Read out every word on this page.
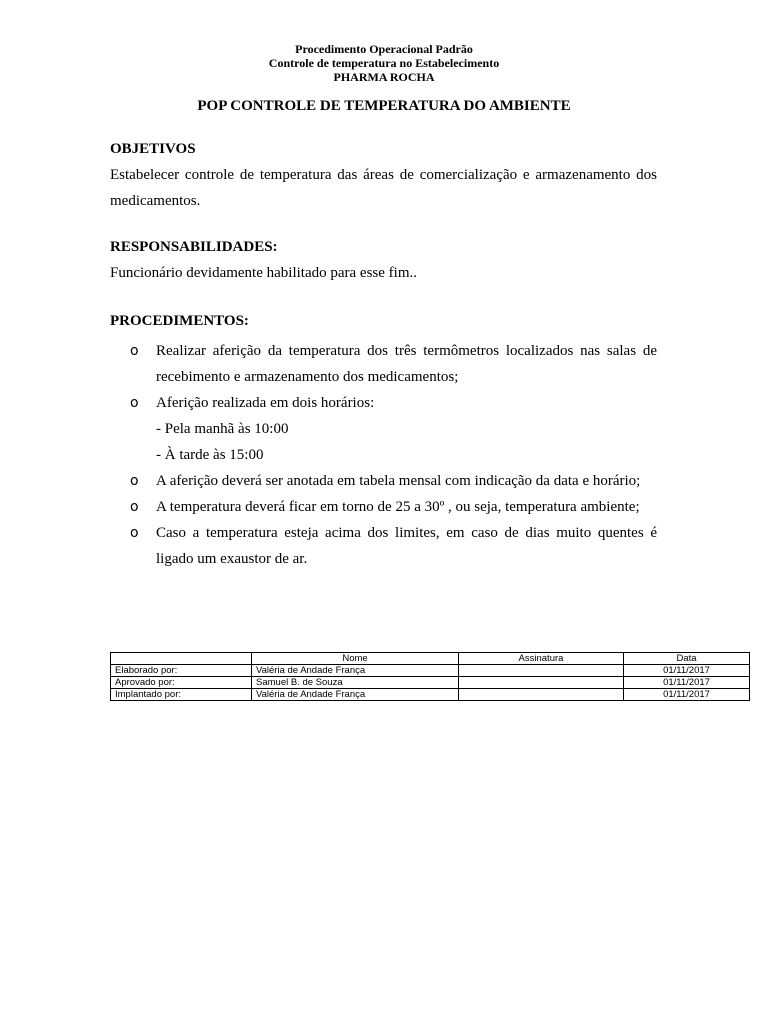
Procedimento Operacional Padrão
Controle de temperatura no Estabelecimento
PHARMA ROCHA
POP CONTROLE DE TEMPERATURA DO AMBIENTE

OBJETIVOS

Estabelecer controle de temperatura das áreas de comercialização e armazenamento dos medicamentos.

RESPONSABILIDADES:

Funcionário devidamente habilitado para esse fim..

PROCEDIMENTOS:

o Realizar aferição da temperatura dos três termômetros localizados nas salas de recebimento e armazenamento dos medicamentos;
o Aferição realizada em dois horários:
- Pela manhã às 10:00
- À tarde às 15:00
o A aferição deverá ser anotada em tabela mensal com indicação da data e horário;
o A temperatura deverá ficar em torno de 25 a 30º , ou seja, temperatura ambiente;
o Caso a temperatura esteja acima dos limites, em caso de dias muito quentes é ligado um exaustor de ar.
	Nome	Assinatura	Data
Elaborado por:	Valéria de Andade França		01/11/2017
Aprovado por:	Samuel B. de Souza		01/11/2017
Implantado por:	Valéria de Andade França		01/11/2017
